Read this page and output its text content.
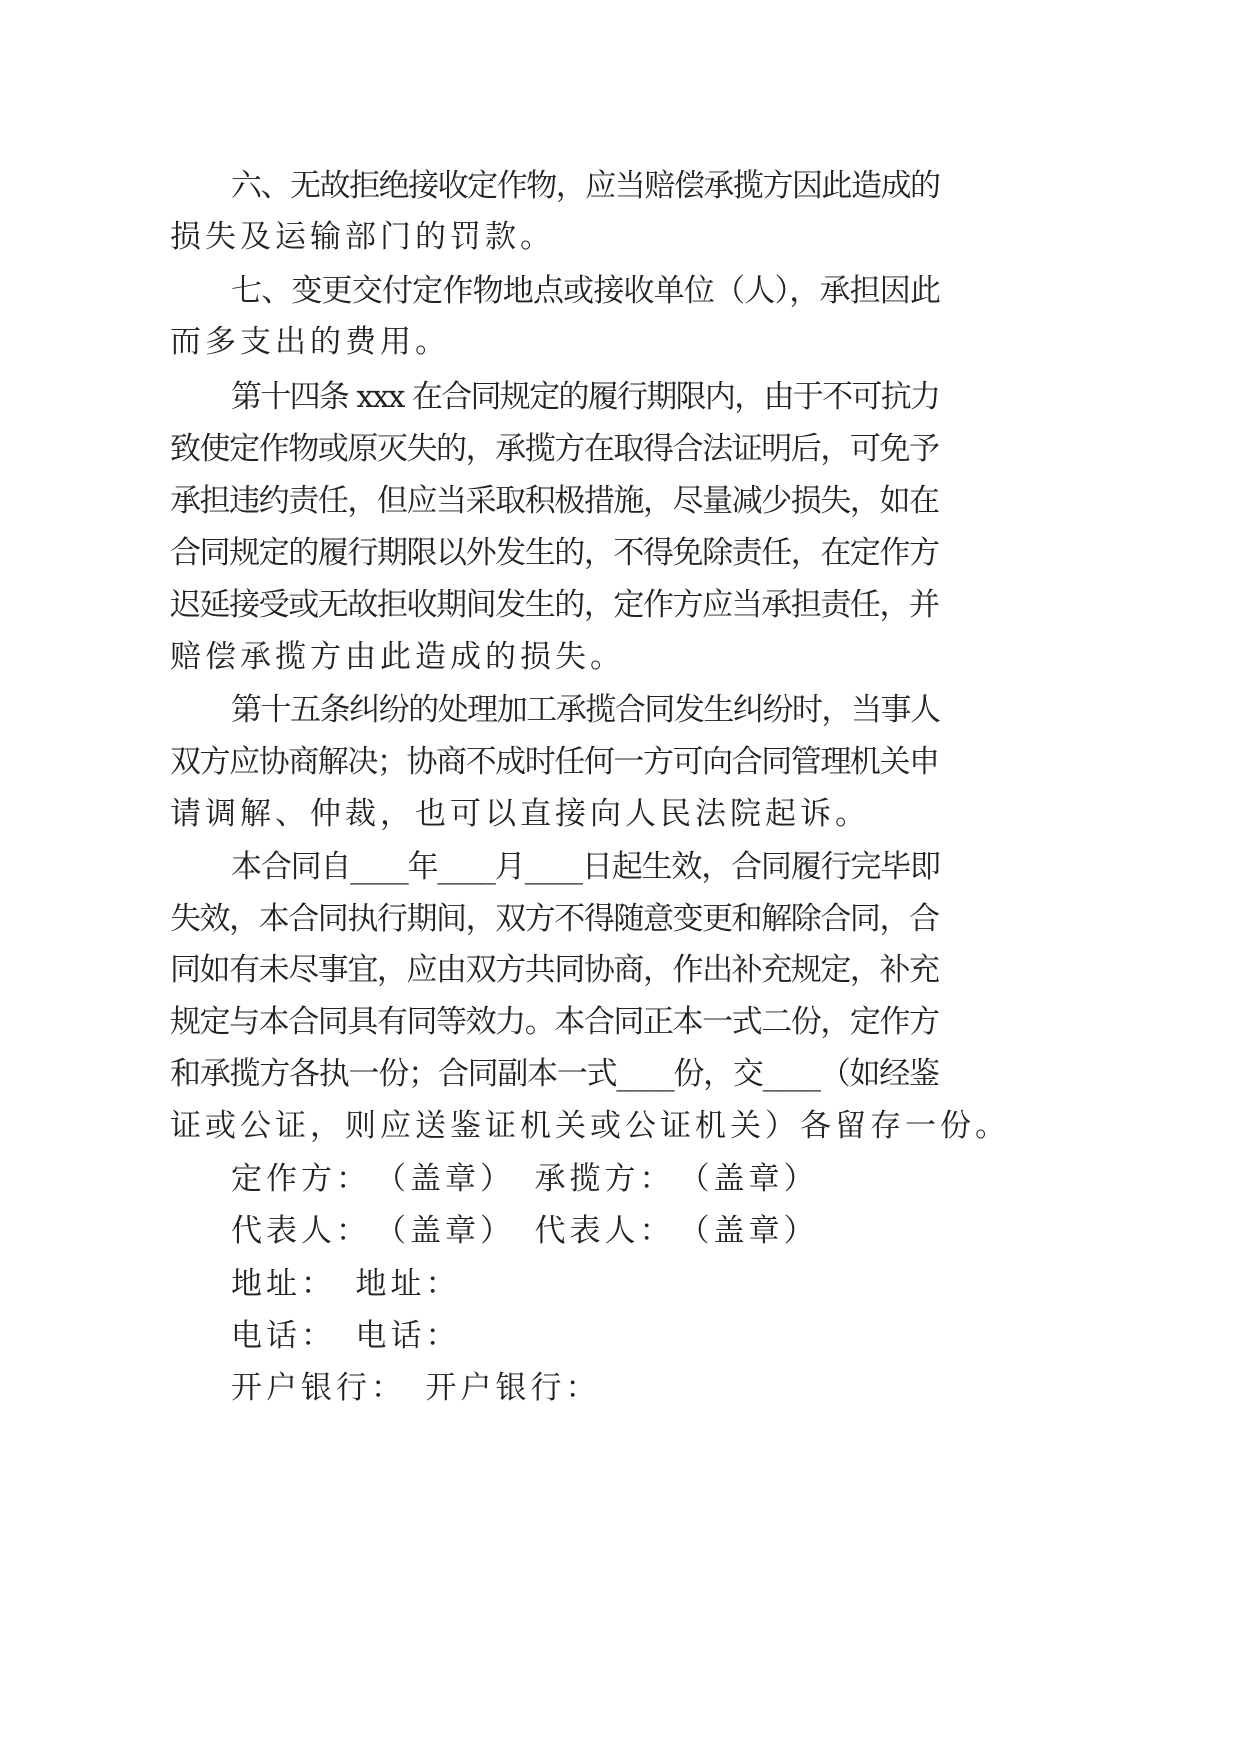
六、无故拒绝接收定作物，应当赔偿承揽方因此造成的
损失及运输部门的罚款。
七、变更交付定作物地点或接收单位（人），承担因此
而多支出的费用。
第十四条 xxx 在合同规定的履行期限内，由于不可抗力
致使定作物或原灭失的，承揽方在取得合法证明后，可免予
承担违约责任，但应当采取积极措施，尽量减少损失，如在
合同规定的履行期限以外发生的，不得免除责任，在定作方
迟延接受或无故拒收期间发生的，定作方应当承担责任，并
赔偿承揽方由此造成的损失。
第十五条纠纷的处理加工承揽合同发生纠纷时，当事人
双方应协商解决；协商不成时任何一方可向合同管理机关申
请调解、仲裁，也可以直接向人民法院起诉。
本合同自____年____月____日起生效，合同履行完毕即
失效，本合同执行期间，双方不得随意变更和解除合同，合
同如有未尽事宜，应由双方共同协商，作出补充规定，补充
规定与本合同具有同等效力。本合同正本一式二份，定作方
和承揽方各执一份；合同副本一式____份，交____（如经鉴
证或公证，则应送鉴证机关或公证机关）各留存一份。
定作方：　（盖章）　承揽方：　（盖章）
代表人：　（盖章）　代表人：　（盖章）
地址：　地址：
电话：　电话：
开户银行：　开户银行：
